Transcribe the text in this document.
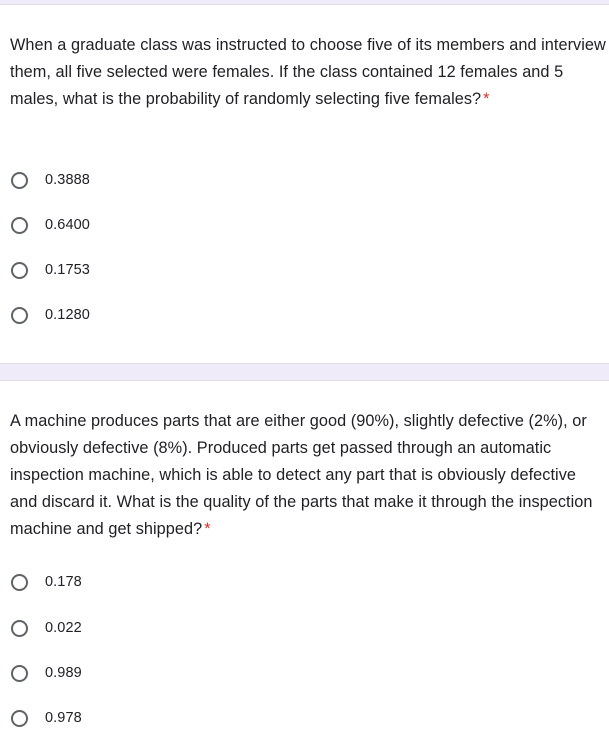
When a graduate class was instructed to choose five of its members and interview them, all five selected were females. If the class contained 12 females and 5 males, what is the probability of randomly selecting five females? *
0.3888
0.6400
0.1753
0.1280
A machine produces parts that are either good (90%), slightly defective (2%), or obviously defective (8%). Produced parts get passed through an automatic inspection machine, which is able to detect any part that is obviously defective and discard it. What is the quality of the parts that make it through the inspection machine and get shipped? *
0.178
0.022
0.989
0.978
